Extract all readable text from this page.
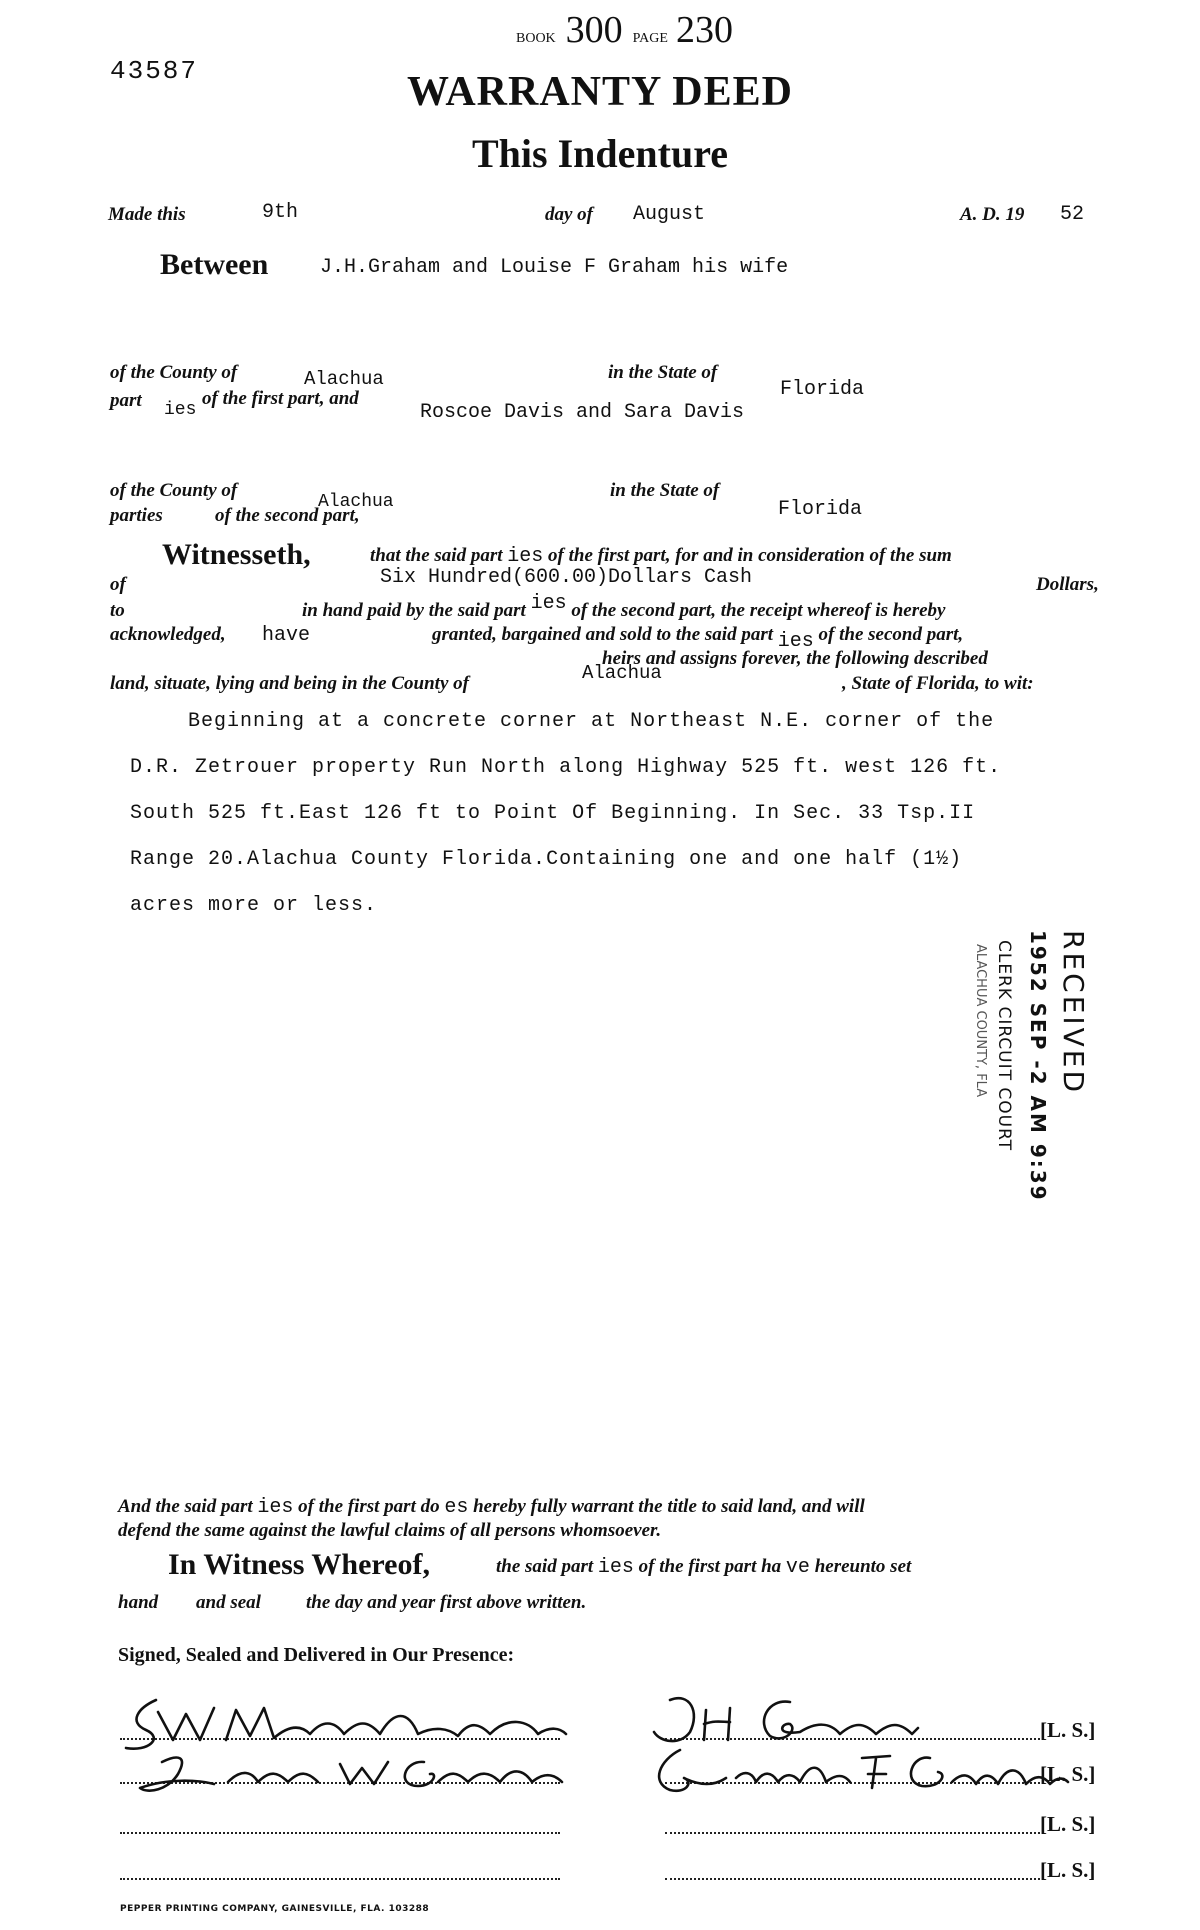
43587
BOOK 300 PAGE 230
WARRANTY DEED
This Indenture
Made this	9th	day of August	A. D. 19 52
Between	J.H.Graham and Louise F Graham his wife
of the County of	Alachua	in the State of
Florida
part ies
of the first part, and
Roscoe Davis and Sara Davis
of the County of
Alachua
in the State of
Florida
parties	of the second part,
Witnesseth,	that the said part ies of the first part, for and in consideration of the sum
of	Six Hundred(600.00)Dollars Cash	Dollars,
to	in hand paid by the said part ies of the second part, the receipt whereof is hereby
acknowledged, have	granted, bargained and sold to the said part ies of the second part,
heirs and assigns forever, the following described
land, situate, lying and being in the County of	Alachua	, State of Florida, to wit:
Beginning at a concrete corner at Northeast N.E. corner of the
D.R. Zetrouer property Run North along Highway 525 ft. west 126 ft.
South 525 ft.East 126 ft to Point Of Beginning. In Sec. 33 Tsp.II
Range 20.Alachua County Florida.Containing one and one half (1½)
acres more or less.
RECEIVED
1952 SEP -2 AM 9:39
CLERK CIRCUIT COURT
ALACHUA COUNTY, FLA
And the said part ies of the first part do es hereby fully warrant the title to said land, and will
defend the same against the lawful claims of all persons whomsoever.
In Witness Whereof,	the said part ies of the first part ha ve hereunto set
hand and seal the day and year first above written.
Signed, Sealed and Delivered in Our Presence:
[L. S.]
[L. S.]
[L. S.]
[L. S.]
PEPPER PRINTING COMPANY, GAINESVILLE, FLA. 103288
